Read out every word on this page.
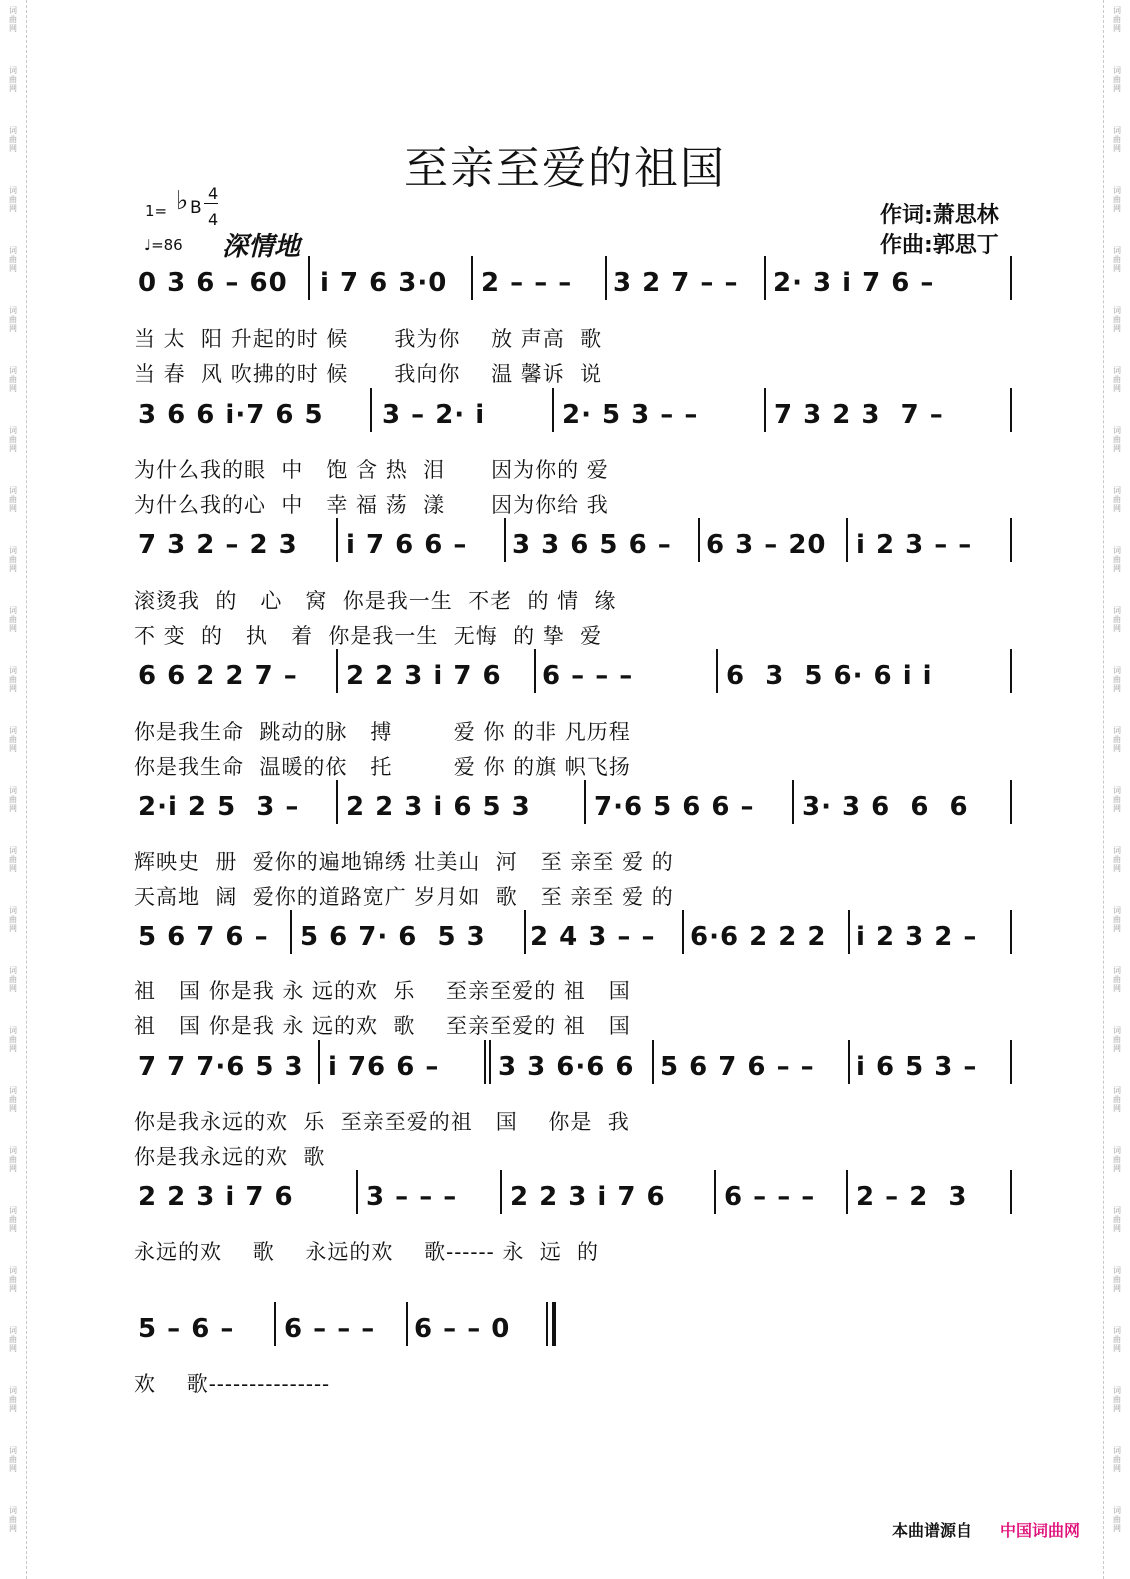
词
曲
网
词
曲
网
词
曲
网
词
曲
网
词
曲
网
词
曲
网
词
曲
网
词
曲
网
词
曲
网
词
曲
网
词
曲
网
词
曲
网
词
曲
网
词
曲
网
词
曲
网
词
曲
网
词
曲
网
词
曲
网
词
曲
网
词
曲
网
词
曲
网
词
曲
网
词
曲
网
词
曲
网
词
曲
网
词
曲
网
词
曲
网
词
曲
网
词
曲
网
词
曲
网
词
曲
网
词
曲
网
词
曲
网
词
曲
网
词
曲
网
词
曲
网
词
曲
网
词
曲
网
词
曲
网
词
曲
网
词
曲
网
词
曲
网
词
曲
网
词
曲
网
词
曲
网
词
曲
网
词
曲
网
词
曲
网
词
曲
网
词
曲
网
词
曲
网
词
曲
网
至亲至爱的祖国
1= ♭ B
4
4
♩=86 深情地
作词:萧思林
作曲:郭思丁
0 3 6 – 60 i 7 6 3·0 2 – – – 3 2 7 – – 2· 3 i 7 6 –
当 太  阳 升起的时 候      我为你    放 声高  歌
当 春  风 吹拂的时 候      我向你    温 馨诉  说
3 6 6 i·7 6 5 3 – 2· i	2· 5 3 – –	7 3 2 3  7 –
为什么我的眼  中   饱 含 热  泪      因为你的 爱
为什么我的心  中   幸 福 荡  漾      因为你给 我
7 3 2 – 2 3 i 7 6 6 – 3 3 6 5 6 – 6 3 – 20 i 2 3 – –
滚烫我  的   心   窝  你是我一生  不老  的 情  缘
不 变  的   执   着  你是我一生  无悔  的 挚  爱
6 6 2 2 7 – 2 2 3 i 7 6 6 – – –	6  3  5 6· 6 i i
你是我生命  跳动的脉   搏        爱 你 的非 凡历程
你是我生命  温暖的依   托        爱 你 的旗 帜飞扬
2·i 2 5  3 – 2 2 3 i 6 5 3 7·6 5 6 6 – 3· 3 6  6  6
辉映史  册  爱你的遍地锦绣 壮美山  河   至 亲至 爱 的
天高地  阔  爱你的道路宽广 岁月如  歌   至 亲至 爱 的
5 6 7 6 – 5 6 7· 6  5 3 2 4 3 – – 6·6 2 2 2 i 2 3 2 –
祖   国 你是我 永 远的欢  乐    至亲至爱的 祖   国
祖   国 你是我 永 远的欢  歌    至亲至爱的 祖   国
7 7 7·6 5 3 i 76 6 – 3 3 6·6 6 5 6 7 6 – – i 6 5 3 –
你是我永远的欢  乐  至亲至爱的祖   国    你是  我
你是我永远的欢  歌
2 2 3 i 7 6	3 – – – 2 2 3 i 7 6 6 – – – 2 – 2  3
永远的欢    歌    永远的欢    歌------ 永  远  的
5 – 6 – 6 – – – 6 – – 0
欢    歌---------------
本曲谱源自 中国词曲网
